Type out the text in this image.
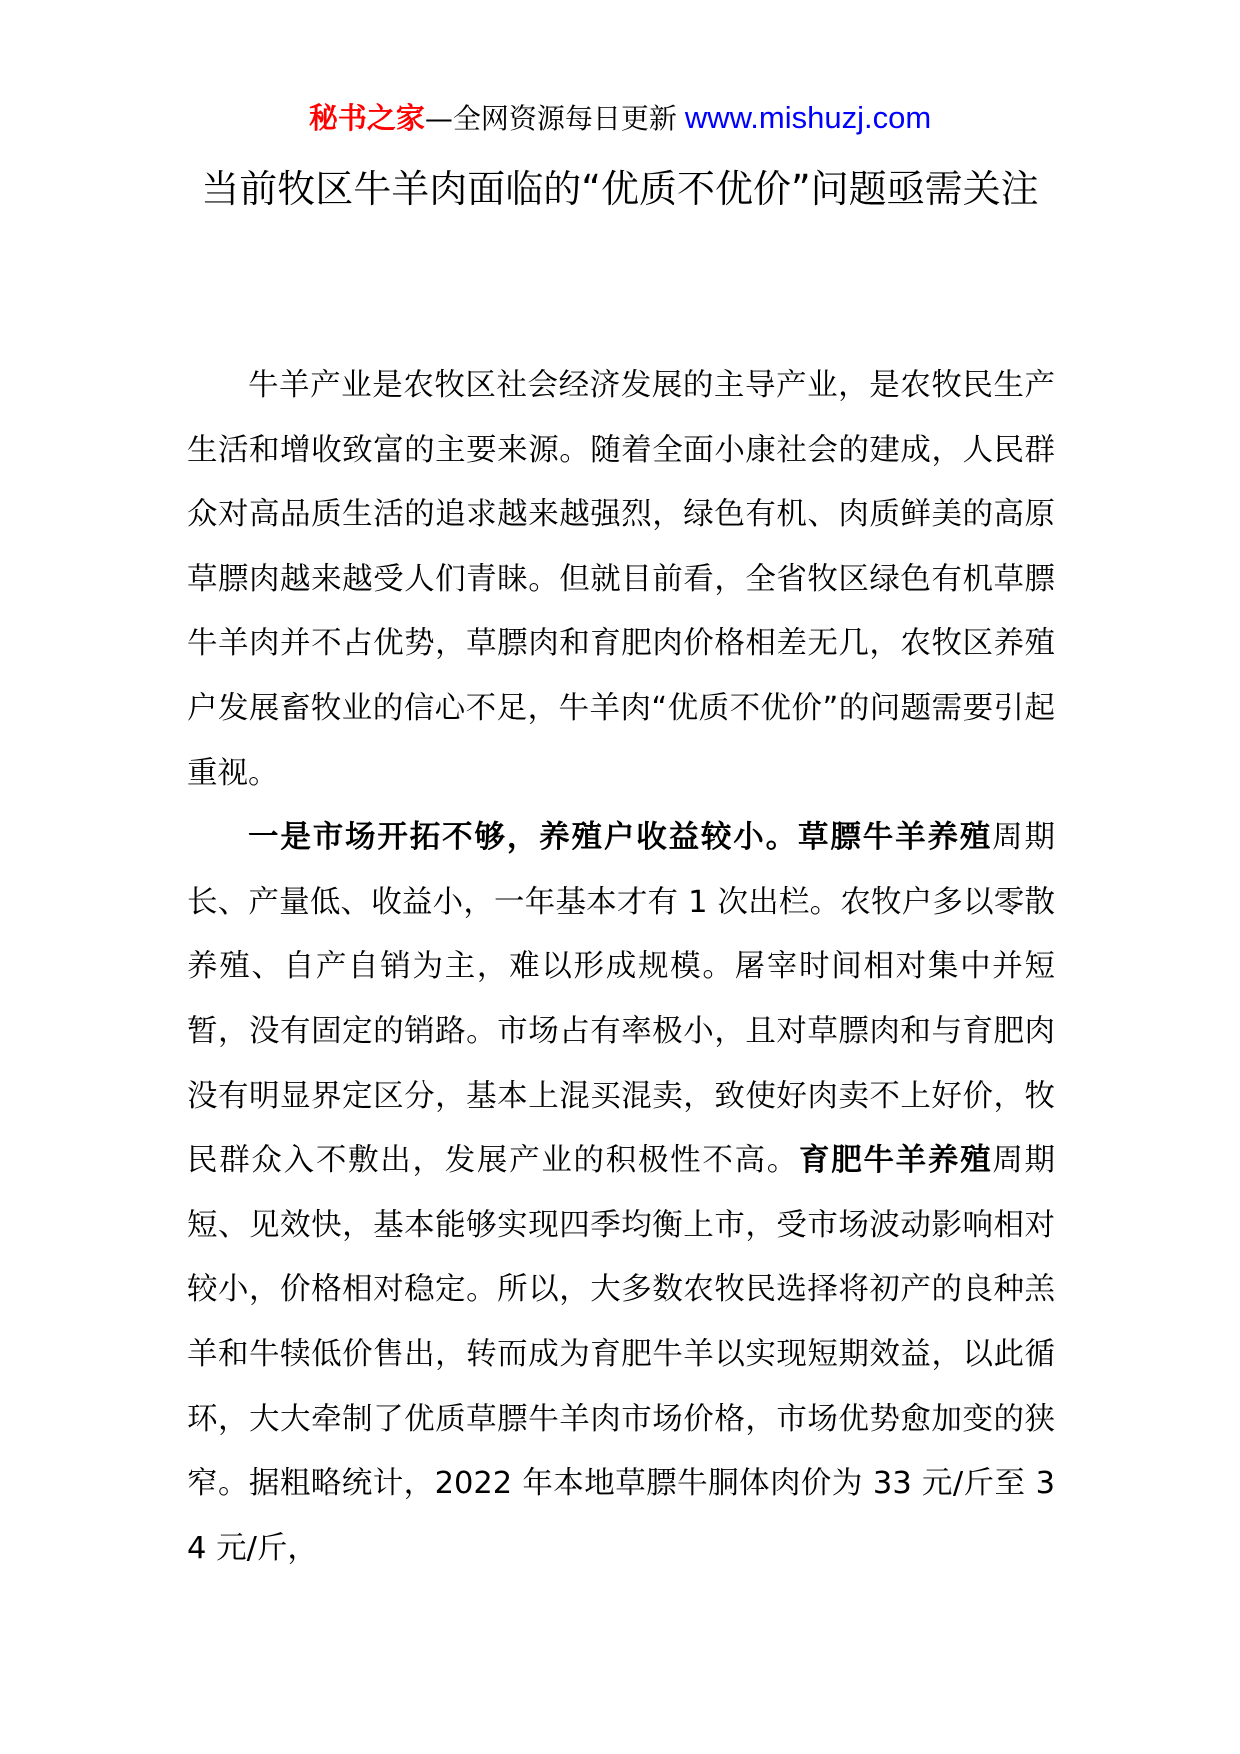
秘书之家—全网资源每日更新 www.mishuzj.com
当前牧区牛羊肉面临的“优质不优价”问题亟需关注

牛羊产业是农牧区社会经济发展的主导产业，是农牧民生产生活和增收致富的主要来源。随着全面小康社会的建成，人民群众对高品质生活的追求越来越强烈，绿色有机、肉质鲜美的高原草膘肉越来越受人们青睐。但就目前看，全省牧区绿色有机草膘牛羊肉并不占优势，草膘肉和育肥肉价格相差无几，农牧区养殖户发展畜牧业的信心不足，牛羊肉“优质不优价”的问题需要引起重视。

一是市场开拓不够，养殖户收益较小。草膘牛羊养殖周期长、产量低、收益小，一年基本才有 1 次出栏。农牧户多以零散养殖、自产自销为主，难以形成规模。屠宰时间相对集中并短暂，没有固定的销路。市场占有率极小，且对草膘肉和与育肥肉没有明显界定区分，基本上混买混卖，致使好肉卖不上好价，牧民群众入不敷出，发展产业的积极性不高。育肥牛羊养殖周期短、见效快，基本能够实现四季均衡上市，受市场波动影响相对较小，价格相对稳定。所以，大多数农牧民选择将初产的良种羔羊和牛犊低价售出，转而成为育肥牛羊以实现短期效益，以此循环，大大牵制了优质草膘牛羊肉市场价格，市场优势愈加变的狭窄。据粗略统计，2022 年本地草膘牛胴体肉价为 33 元/斤至 34 元/斤，
